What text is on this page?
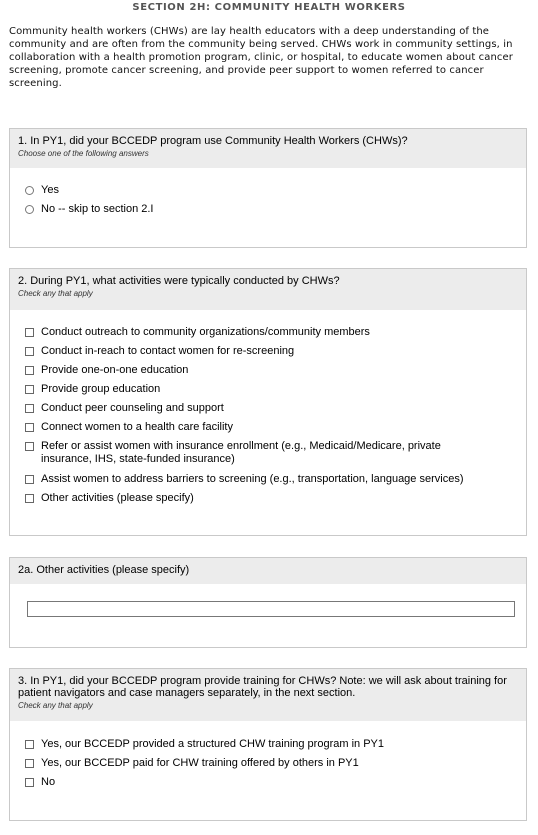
SECTION 2H: COMMUNITY HEALTH WORKERS
Community health workers (CHWs) are lay health educators with a deep understanding of the community and are often from the community being served. CHWs work in community settings, in collaboration with a health promotion program, clinic, or hospital, to educate women about cancer screening, promote cancer screening, and provide peer support to women referred to cancer screening.
1. In PY1, did your BCCEDP program use Community Health Workers (CHWs)?
Choose one of the following answers
Yes
No -- skip to section 2.I
2. During PY1, what activities were typically conducted by CHWs?
Check any that apply
Conduct outreach to community organizations/community members
Conduct in-reach to contact women for re-screening
Provide one-on-one education
Provide group education
Conduct peer counseling and support
Connect women to a health care facility
Refer or assist women with insurance enrollment (e.g., Medicaid/Medicare, private insurance, IHS, state-funded insurance)
Assist women to address barriers to screening (e.g., transportation, language services)
Other activities (please specify)
2a. Other activities (please specify)
3. In PY1, did your BCCEDP program provide training for CHWs? Note: we will ask about training for patient navigators and case managers separately, in the next section.
Check any that apply
Yes, our BCCEDP provided a structured CHW training program in PY1
Yes, our BCCEDP paid for CHW training offered by others in PY1
No
